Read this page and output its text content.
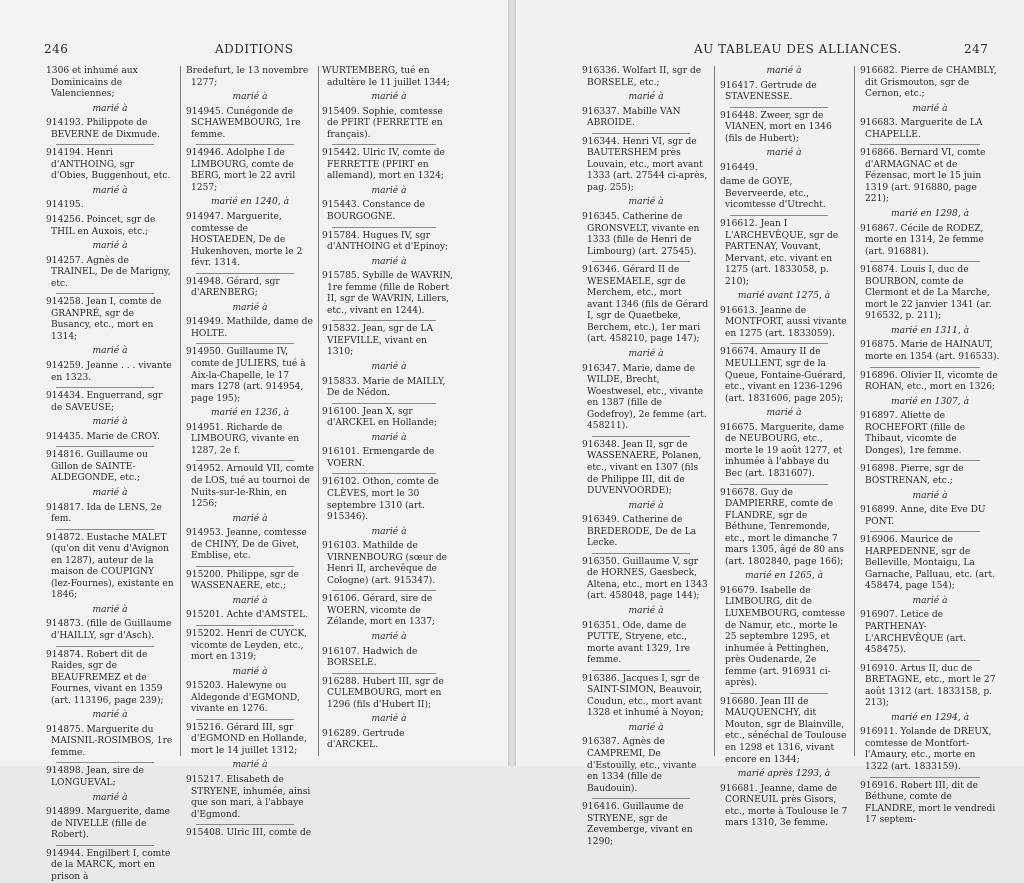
246	ADDITIONS
1306 et inhumé aux Dominicains de Valenciennes;
marié à
914193. Philippote de BEVERNE de Dixmude.
914194. Henri d'ANTHOING, sgr d'Obies, Buggenhout, etc.
marié à
914195.
914256. Poincet, sgr de THIL en Auxois, etc.;
marié à
914257. Agnès de TRAINEL, De de Marigny, etc.
914258. Jean I, comte de GRANPRÉ, sgr de Busancy, etc., mort en 1314;
marié à
914259. Jeanne . . . vivante en 1323.
914434. Enguerrand, sgr de SAVEUSE;
marié à
914435. Marie de CROY.
914816. Guillaume ou Gillon de SAINTE-ALDEGONDE, etc.;
marié à
914817. Ida de LENS, 2e fem.
914872. Eustache MALET (qu'on dit venu d'Avignon en 1287), auteur de la maison de COUPIGNY (lez-Fournes), existante en 1846;
marié à
914873. (fille de Guillaume d'HAILLY, sgr d'Asch).
914874. Robert dit de Raides, sgr de BEAUFREMEZ et de Fournes, vivant en 1359 (art. 113196, page 239);
marié à
914875. Marguerite du MAISNIL-ROSIMBOS, 1re femme.
914898. Jean, sire de LONGUEVAL;
marié à
914899. Marguerite, dame de NIVELLE (fille de Robert).
914944. Engilbert I, comte de la MARCK, mort en prison à
Bredefurt, le 13 novembre 1277;
marié à
914945. Cunégonde de SCHAWEMBOURG, 1re femme.
914946. Adolphe I de LIMBOURG, comte de BERG, mort le 22 avril 1257;
marié en 1240, à
914947. Marguerite, comtesse de HOSTAEDEN, De de Hukenhoven, morte le 2 févr. 1314.
914948. Gérard, sgr d'ARENBERG;
marié à
914949. Mathilde, dame de HOLTE.
914950. Guillaume IV, comte de JULIERS, tué à Aix-la-Chapelle, le 17 mars 1278 (art. 914954, page 195);
marié en 1236, à
914951. Richarde de LIMBOURG, vivante en 1287, 2e f.
914952. Arnould VII, comte de LOS, tué au tournoi de Nuits-sur-le-Rhin, en 1256;
marié à
914953. Jeanne, comtesse de CHINY, De de Givet, Emblise, etc.
915200. Philippe, sgr de WASSENAERE, etc.;
marié à
915201. Achte d'AMSTEL.
915202. Henri de CUYCK, vicomte de Leyden, etc., mort en 1319;
marié à
915203. Halewyne ou Aldegonde d'EGMOND, vivante en 1276.
915216. Gérard III, sgr d'EGMOND en Hollande, mort le 14 juillet 1312;
marié à
915217. Elisabeth de STRYENE, inhumée, ainsi que son mari, à l'abbaye d'Egmond.
915408. Ulric III, comte de
WURTEMBERG, tué en adultère le 11 juillet 1344;
marié à
915409. Sophie, comtesse de PFIRT (FERRETTE en français).
915442. Ulric IV, comte de FERRETTE (PFIRT en allemand), mort en 1324;
marié à
915443. Constance de BOURGOGNE.
915784. Hugues IV, sgr d'ANTHOING et d'Epinoy;
marié à
915785. Sybille de WAVRIN, 1re femme (fille de Robert II, sgr de WAVRIN, Lillers, etc., vivant en 1244).
915832. Jean, sgr de LA VIEFVILLE, vivant en 1310;
marié à
915833. Marie de MAILLY, De de Nédon.
916100. Jean X, sgr d'ARCKEL en Hollande;
marié à
916101. Ermengarde de VOERN.
916102. Othon, comte de CLÈVES, mort le 30 septembre 1310 (art. 915346).
marié à
916103. Mathilde de VIRNENBOURG (sœur de Henri II, archevêque de Cologne) (art. 915347).
916106. Gérard, sire de WOERN, vicomte de Zélande, mort en 1337;
marié à
916107. Hadwich de BORSELE.
916288. Hubert III, sgr de CULEMBOURG, mort en 1296 (fils d'Hubert II);
marié à
916289. Gertrude d'ARCKEL.
AU TABLEAU DES ALLIANCES.	247
916336. Wolfart II, sgr de BORSELE, etc.;
marié à
916337. Mabille VAN ABROIDE.
916344. Henri VI, sgr de BAUTERSHEM près Louvain, etc., mort avant 1333 (art. 27544 ci-après, pag. 255);
marié à
916345. Catherine de GRONSVELT, vivante en 1333 (fille de Henri de Limbourg) (art. 27545).
916346. Gérard II de WESEMAELE, sgr de Merchem, etc., mort avant 1346 (fils de Gérard I, sgr de Quaetbeke, Berchem, etc.), 1er mari (art. 458210, page 147);
marié à
916347. Marie, dame de WILDE, Brecht, Woestwesel, etc., vivante en 1387 (fille de Godefroy), 2e femme (art. 458211).
916348. Jean II, sgr de WASSENAERE, Polanen, etc., vivant en 1307 (fils de Philippe III, dit de DUVENVOORDE);
marié à
916349. Catherine de BREDERODE, De de La Lecke.
916350. Guillaume V, sgr de HORNES, Gaesbeck, Altena, etc., mort en 1343 (art. 458048, page 144);
marié à
916351. Ode, dame de PUTTE, Stryene, etc., morte avant 1329, 1re femme.
916386. Jacques I, sgr de SAINT-SIMON, Beauvoir, Coudun, etc., mort avant 1328 et inhumé à Noyon;
marié à
916387. Agnès de CAMPREMI, De d'Estouilly, etc., vivante en 1334 (fille de Baudouin).
916416. Guillaume de STRYENE, sgr de Zevemberge, vivant en 1290;
marié à
916417. Gertrude de STAVENESSE.
916448. Zweer, sgr de VIANEN, mort en 1346 (fils de Hubert);
marié à
916449.
dame de GOYE, Beverveerde, etc., vicomtesse d'Utrecht.
916612. Jean I L'ARCHEVÊQUE, sgr de PARTENAY, Vouvant, Mervant, etc. vivant en 1275 (art. 1833058, p. 210);
marié avant 1275, à
916613. Jeanne de MONTFORT, aussi vivante en 1275 (art. 1833059).
916674. Amaury II de MEULLENT, sgr de la Queue, Fontaine-Guérard, etc., vivant en 1236-1296 (art. 1831606, page 205);
marié à
916675. Marguerite, dame de NEUBOURG, etc., morte le 19 août 1277, et inhumée à l'abbaye du Bec (art. 1831607).
916678. Guy de DAMPIERRE, comte de FLANDRE, sgr de Béthune, Tenremonde, etc., mort le dimanche 7 mars 1305, âgé de 80 ans (art. 1802840, page 166);
marié en 1265, à
916679. Isabelle de LIMBOURG, dit de LUXEMBOURG, comtesse de Namur, etc., morte le 25 septembre 1295, et inhumée à Pettinghen, près Oudenarde, 2e femme (art. 916931 ci-après).
916680. Jean III de MAUQUENCHY, dit Mouton, sgr de Blainville, etc., sénéchal de Toulouse en 1298 et 1316, vivant encore en 1344;
marié après 1293, à
916681. Jeanne, dame de CORNEUIL près Gisors, etc., morte à Toulouse le 7 mars 1310, 3e femme.
916682. Pierre de CHAMBLY, dit Grismouton, sgr de Cernon, etc.;
marié à
916683. Marguerite de LA CHAPELLE.
916866. Bernard VI, comte d'ARMAGNAC et de Fézensac, mort le 15 juin 1319 (art. 916880, page 221);
marié en 1298, à
916867. Cécile de RODEZ, morte en 1314, 2e femme (art. 916881).
916874. Louis I, duc de BOURBON, comte de Clermont et de La Marche, mort le 22 janvier 1341 (ar. 916532, p. 211);
marié en 1311, à
916875. Marie de HAINAUT, morte en 1354 (art. 916533).
916896. Olivier II, vicomte de ROHAN, etc., mort en 1326;
marié en 1307, à
916897. Aliette de ROCHEFORT (fille de Thibaut, vicomte de Donges), 1re femme.
916898. Pierre, sgr de BOSTRENAN, etc.;
marié à
916899. Anne, dite Eve DU PONT.
916906. Maurice de HARPEDENNE, sgr de Belleville, Montaigu, La Garnache, Palluau, etc. (art. 458474, page 154);
marié à
916907. Letice de PARTHENAY-L'ARCHEVÊQUE (art. 458475).
916910. Artus II, duc de BRETAGNE, etc., mort le 27 août 1312 (art. 1833158, p. 213);
marié en 1294, à
916911. Yolande de DREUX, comtesse de Montfort-l'Amaury, etc., morte en 1322 (art. 1833159).
916916. Robert III, dit de Béthune, comte de FLANDRE, mort le vendredi 17 septem-
